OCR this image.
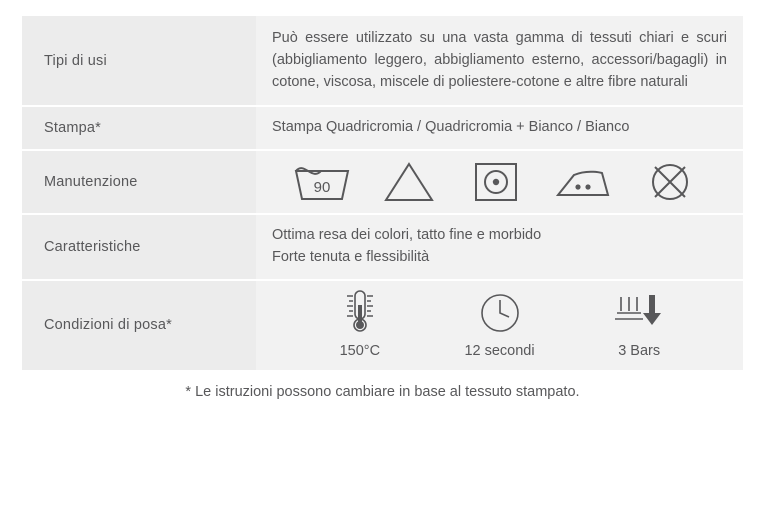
Tipi di usi	Può essere utilizzato su una vasta gamma di tessuti chiari e scuri (abbigliamento leggero, abbigliamento esterno, accessori/bagagli) in cotone, viscosa, miscele di poliestere-cotone e altre fibre naturali
Stampa*	Stampa Quadricromia / Quadricromia + Bianco / Bianco
Manutenzione	90

Caratteristiche	Ottima resa dei colori, tatto fine e morbido
Forte tenuta e flessibilità

Condizioni di posa*	150°C 12 secondi 3 Bars
* Le istruzioni possono cambiare in base al tessuto stampato.
